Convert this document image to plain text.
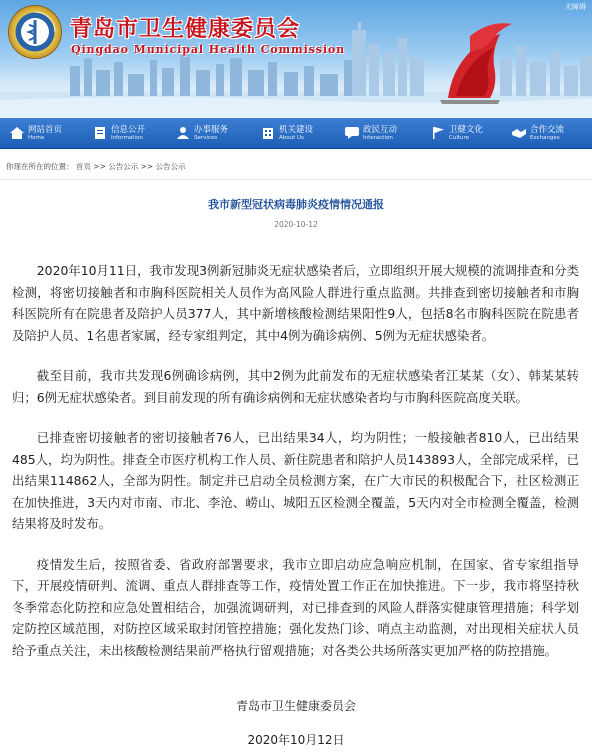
无障碍
青岛市卫生健康委员会
Qingdao Municipal Health Commission
网站首页
Home
信息公开
Information
办事服务
Services
机关建设
About Us
政民互动
Interaction
卫健文化
Culture
合作交流
Exchanges
你现在所在的位置： 首页 >> 公告公示 >> 公告公示
我市新型冠状病毒肺炎疫情情况通报
2020-10-12

2020年10月11日，我市发现3例新冠肺炎无症状感染者后，立即组织开展大规模的流调排查和分类检测，将密切接触者和市胸科医院相关人员作为高风险人群进行重点监测。共排查到密切接触者和市胸科医院所有在院患者及陪护人员377人，其中新增核酸检测结果阳性9人，包括8名市胸科医院在院患者及陪护人员、1名患者家属，经专家组判定，其中4例为确诊病例、5例为无症状感染者。

截至目前，我市共发现6例确诊病例，其中2例为此前发布的无症状感染者江某某（女）、韩某某转归；6例无症状感染者。到目前发现的所有确诊病例和无症状感染者均与市胸科医院高度关联。

已排查密切接触者的密切接触者76人，已出结果34人，均为阴性；一般接触者810人，已出结果485人，均为阴性。排查全市医疗机构工作人员、新住院患者和陪护人员143893人，全部完成采样，已出结果114862人，全部为阴性。制定并已启动全员检测方案，在广大市民的积极配合下，社区检测正在加快推进，3天内对市南、市北、李沧、崂山、城阳五区检测全覆盖，5天内对全市检测全覆盖，检测结果将及时发布。

疫情发生后，按照省委、省政府部署要求，我市立即启动应急响应机制，在国家、省专家组指导下，开展疫情研判、流调、重点人群排查等工作，疫情处置工作正在加快推进。下一步，我市将坚持秋冬季常态化防控和应急处置相结合，加强流调研判，对已排查到的风险人群落实健康管理措施；科学划定防控区域范围，对防控区域采取封闭管控措施；强化发热门诊、哨点主动监测，对出现相关症状人员给予重点关注，未出核酸检测结果前严格执行留观措施；对各类公共场所落实更加严格的防控措施。

青岛市卫生健康委员会
2020年10月12日
